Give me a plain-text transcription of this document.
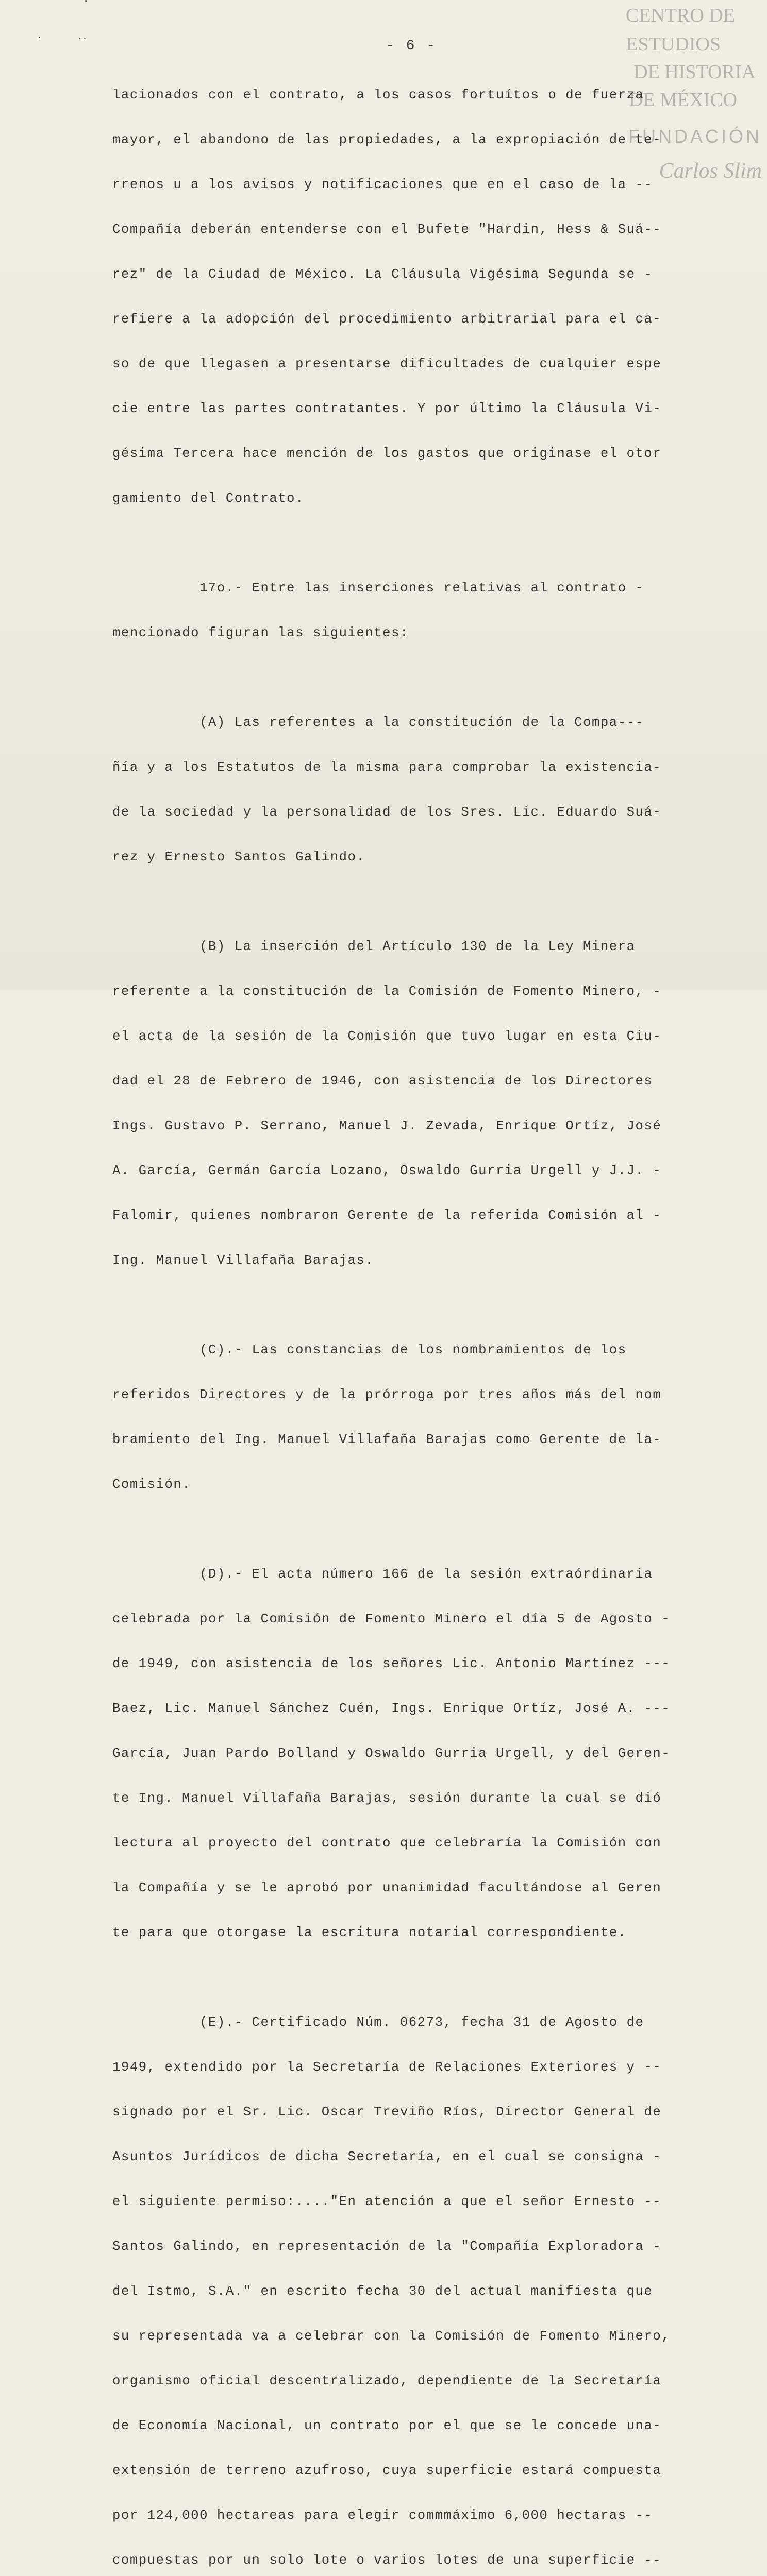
·
·	··	- 6 -
CENTRO DE
ESTUDIOS
DE HISTORIA
DE MÉXICO
FUNDACIÓN
Carlos Slim

lacionados con el contrato, a los casos fortuítos o de fuerza

mayor, el abandono de las propiedades, a la expropiación de te-

rrenos u a los avisos y notificaciones que en el caso de la --

Compañía deberán entenderse con el Bufete "Hardin, Hess & Suá--

rez" de la Ciudad de México. La Cláusula Vigésima Segunda se -

refiere a la adopción del procedimiento arbitrarial para el ca-

so de que llegasen a presentarse dificultades de cualquier espe

cie entre las partes contratantes. Y por último la Cláusula Vi-

gésima Tercera hace mención de los gastos que originase el otor

gamiento del Contrato.

17o.- Entre las inserciones relativas al contrato -

mencionado figuran las siguientes:

(A) Las referentes a la constitución de la Compa---

ñía y a los Estatutos de la misma para comprobar la existencia-

de la sociedad y la personalidad de los Sres. Lic. Eduardo Suá-

rez y Ernesto Santos Galindo.

(B) La inserción del Artículo 130 de la Ley Minera

referente a la constitución de la Comisión de Fomento Minero, -

el acta de la sesión de la Comisión que tuvo lugar en esta Ciu-

dad el 28 de Febrero de 1946, con asistencia de los Directores

Ings. Gustavo P. Serrano, Manuel J. Zevada, Enrique Ortíz, José

A. García, Germán García Lozano, Oswaldo Gurria Urgell y J.J. -

Falomir, quienes nombraron Gerente de la referida Comisión al -

Ing. Manuel Villafaña Barajas.

(C).- Las constancias de los nombramientos de los

referidos Directores y de la prórroga por tres años más del nom

bramiento del Ing. Manuel Villafaña Barajas como Gerente de la-

Comisión.

(D).- El acta número 166 de la sesión extraórdinaria

celebrada por la Comisión de Fomento Minero el día 5 de Agosto -

de 1949, con asistencia de los señores Lic. Antonio Martínez ---

Baez, Lic. Manuel Sánchez Cuén, Ings. Enrique Ortíz, José A. ---

García, Juan Pardo Bolland y Oswaldo Gurria Urgell, y del Geren-

te Ing. Manuel Villafaña Barajas, sesión durante la cual se dió

lectura al proyecto del contrato que celebraría la Comisión con

la Compañía y se le aprobó por unanimidad facultándose al Geren

te para que otorgase la escritura notarial correspondiente.

(E).- Certificado Núm. 06273, fecha 31 de Agosto de

1949, extendido por la Secretaría de Relaciones Exteriores y --

signado por el Sr. Lic. Oscar Treviño Ríos, Director General de

Asuntos Jurídicos de dicha Secretaría, en el cual se consigna -

el siguiente permiso:...."En atención a que el señor Ernesto --

Santos Galindo, en representación de la "Compañía Exploradora -

del Istmo, S.A." en escrito fecha 30 del actual manifiesta que

su representada va a celebrar con la Comisión de Fomento Minero,

organismo oficial descentralizado, dependiente de la Secretaría

de Economía Nacional, un contrato por el que se le concede una-

extensión de terreno azufroso, cuya superficie estará compuesta

por 124,000 hectareas para elegir commmáximo 6,000 hectaras --

compuestas por un solo lote o varios lotes de una superficie --
